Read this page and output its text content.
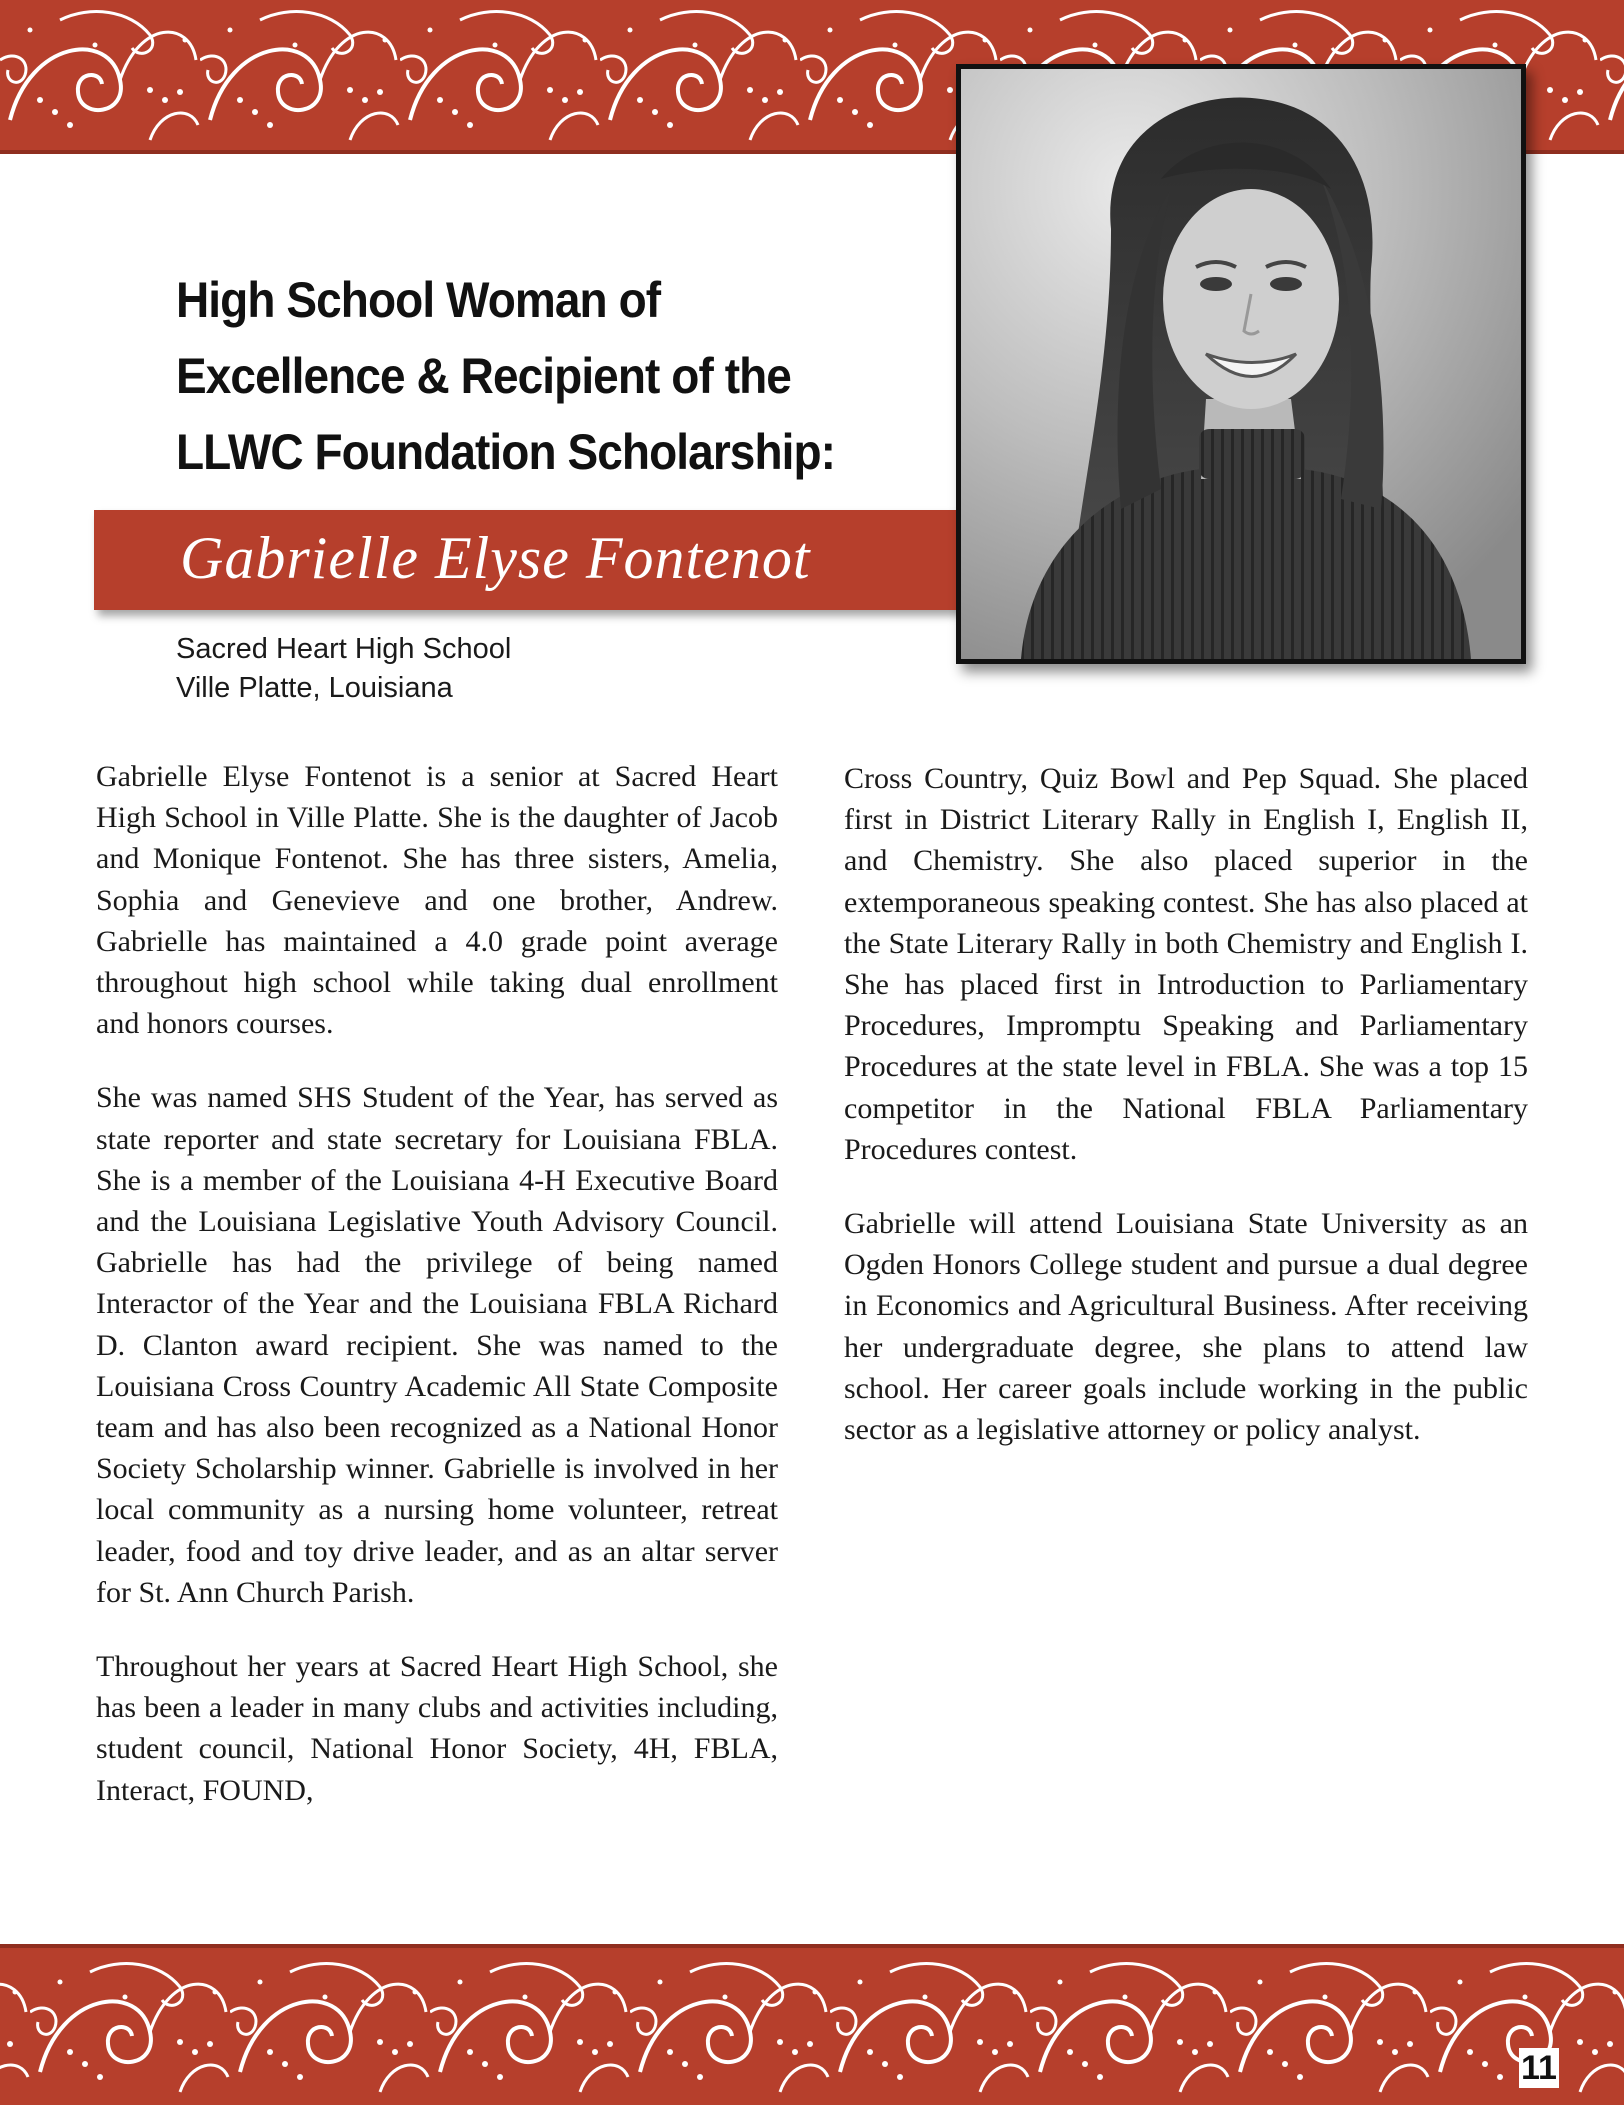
High School Woman of
Excellence & Recipient of the
LLWC Foundation Scholarship:
Gabrielle Elyse Fontenot
Sacred Heart High School
Ville Platte, Louisiana

Gabrielle Elyse Fontenot is a senior at Sacred Heart High School in Ville Platte. She is the daughter of Jacob and Monique Fontenot. She has three sisters, Amelia, Sophia and Genevieve and one brother, Andrew. Gabrielle has maintained a 4.0 grade point average throughout high school while taking dual enrollment and honors courses.

She was named SHS Student of the Year, has served as state reporter and state secretary for Louisiana FBLA. She is a member of the Louisiana 4-H Executive Board and the Louisiana Legislative Youth Advisory Council. Gabrielle has had the privilege of being named Interactor of the Year and the Louisiana FBLA Richard D. Clanton award recipient. She was named to the Louisiana Cross Country Academic All State Composite team and has also been recognized as a National Honor Society Scholarship winner. Gabrielle is involved in her local community as a nursing home volunteer, retreat leader, food and toy drive leader, and as an altar server for St. Ann Church Parish.

Throughout her years at Sacred Heart High School, she has been a leader in many clubs and activities including, student council, National Honor Society, 4H, FBLA, Interact, FOUND,

Cross Country, Quiz Bowl and Pep Squad. She placed first in District Literary Rally in English I, English II, and Chemistry. She also placed superior in the extemporaneous speaking contest. She has also placed at the State Literary Rally in both Chemistry and English I. She has placed first in Introduction to Parliamentary Procedures, Impromptu Speaking and Parliamentary Procedures at the state level in FBLA. She was a top 15 competitor in the National FBLA Parliamentary Procedures contest.

Gabrielle will attend Louisiana State University as an Ogden Honors College student and pursue a dual degree in Economics and Agricultural Business. After receiving her undergraduate degree, she plans to attend law school. Her career goals include working in the public sector as a legislative attorney or policy analyst.

11
